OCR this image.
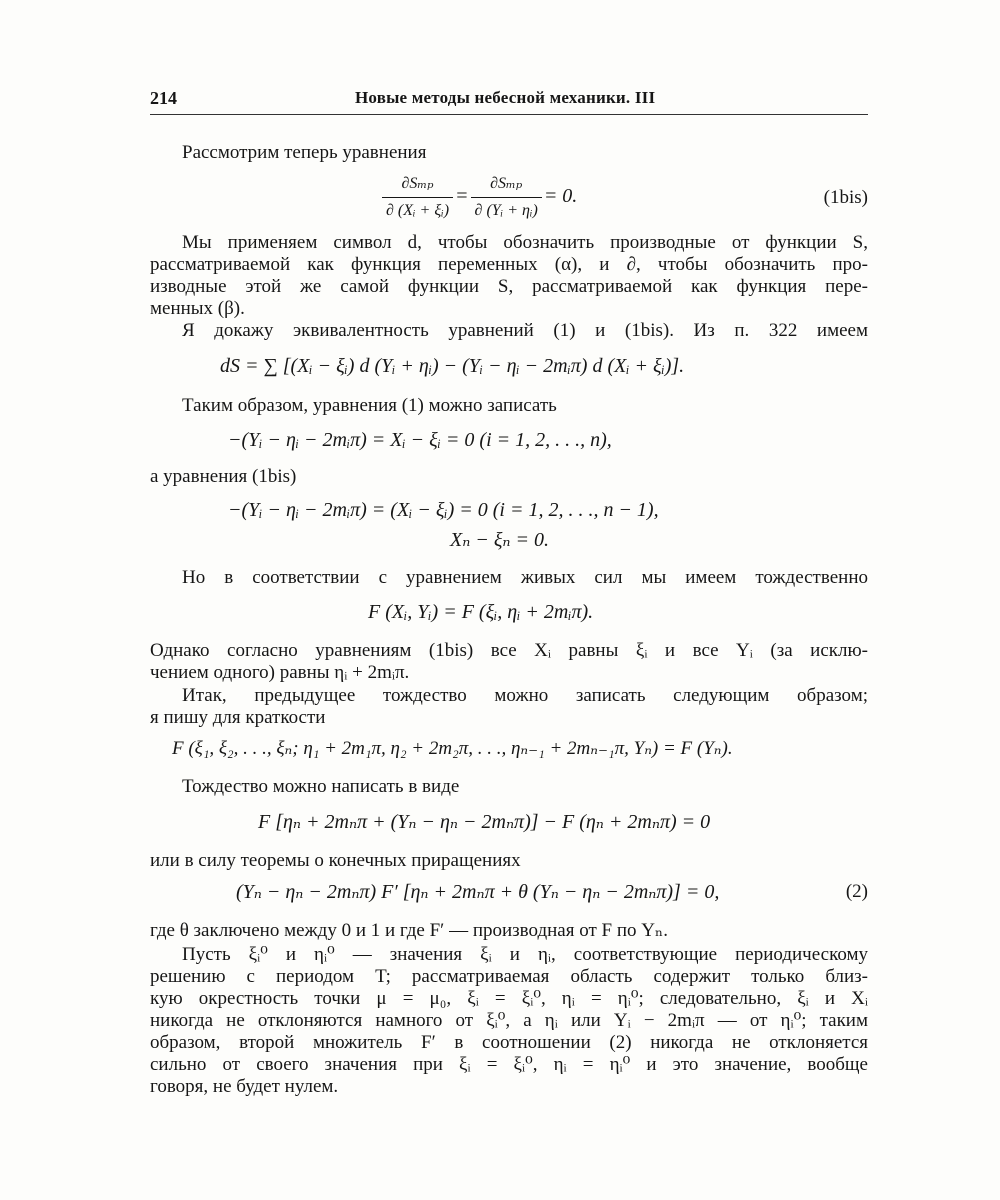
214	Новые методы небесной механики. III
Рассмотрим теперь уравнения
$\frac{\text{∂Sₘₚ}}{\text{∂ (Xᵢ + ξᵢ)}} = \frac{\text{∂Sₘₚ}}{\text{∂ (Yᵢ + ηᵢ)}} = 0$.	(1bis)
Мы применяем символ d, чтобы обозначить производные от функции S,
рассматриваемой как функция переменных (α), и ∂, чтобы обозначить про-
изводные этой же самой функции S, рассматриваемой как функция пере-
менных (β).
Я докажу эквивалентность уравнений (1) и (1bis). Из п. 322 имеем
dS = ∑ [(Xᵢ − ξᵢ) d (Yᵢ + ηᵢ) − (Yᵢ − ηᵢ − 2mᵢπ) d (Xᵢ + ξᵢ)].
Таким образом, уравнения (1) можно записать
−(Yᵢ − ηᵢ − 2mᵢπ) = Xᵢ − ξᵢ = 0 (i = 1, 2, . . ., n),
а уравнения (1bis)
−(Yᵢ − ηᵢ − 2mᵢπ) = (Xᵢ − ξᵢ) = 0 (i = 1, 2, . . ., n − 1),
Xₙ − ξₙ = 0.
Но в соответствии с уравнением живых сил мы имеем тождественно
F (Xᵢ, Yᵢ) = F (ξᵢ, ηᵢ + 2mᵢπ).
Однако согласно уравнениям (1bis) все Xᵢ равны ξᵢ и все Yᵢ (за исклю-
чением одного) равны ηᵢ + 2mᵢπ.
Итак, предыдущее тождество можно записать следующим образом;
я пишу для краткости
F (ξ₁, ξ₂, . . ., ξₙ; η₁ + 2m₁π, η₂ + 2m₂π, . . ., ηₙ₋₁ + 2mₙ₋₁π, Yₙ) = F (Yₙ).
Тождество можно написать в виде
F [ηₙ + 2mₙπ + (Yₙ − ηₙ − 2mₙπ)] − F (ηₙ + 2mₙπ) = 0
или в силу теоремы о конечных приращениях
(Yₙ − ηₙ − 2mₙπ) F′ [ηₙ + 2mₙπ + θ (Yₙ − ηₙ − 2mₙπ)] = 0,	(2)
где θ заключено между 0 и 1 и где F′ — производная от F по Yₙ.
Пусть ξᵢ⁰ и ηᵢ⁰ — значения ξᵢ и ηᵢ, соответствующие периодическому
решению с периодом T; рассматриваемая область содержит только близ-
кую окрестность точки μ = μ₀, ξᵢ = ξᵢ⁰, ηᵢ = ηᵢ⁰; следовательно, ξᵢ и Xᵢ
никогда не отклоняются намного от ξᵢ⁰, а ηᵢ или Yᵢ − 2mᵢπ — от ηᵢ⁰; таким
образом, второй множитель F′ в соотношении (2) никогда не отклоняется
сильно от своего значения при ξᵢ = ξᵢ⁰, ηᵢ = ηᵢ⁰ и это значение, вообще
говоря, не будет нулем.
